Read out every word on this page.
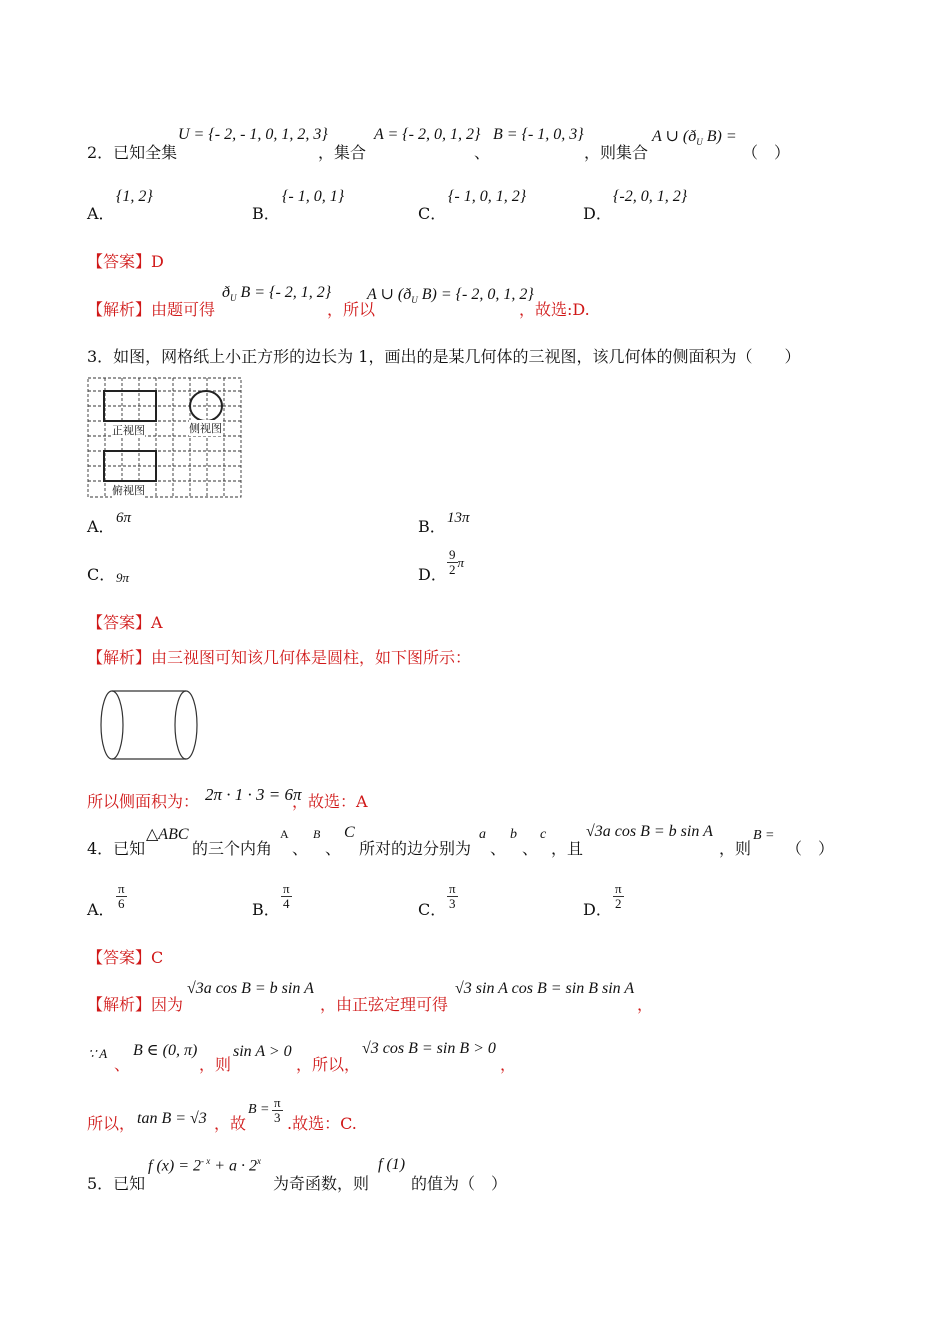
2．已知全集
U = {- 2, - 1, 0, 1, 2, 3}
，集合
A = {- 2, 0, 1, 2}
、
B = {- 1, 0, 3}
，则集合
A ∪ ($ð_U$ B) =
（　）
A．
{1, 2}
B．
{- 1, 0, 1}
C．
{- 1, 0, 1, 2}
D．
{-2, 0, 1, 2}
【答案】D
【解析】由题可得
$ð_U$ B = {- 2, 1, 2}
，所以
A ∪ ($ð_U$ B) = {- 2, 0, 1, 2}
，故选:D.
3．如图，网格纸上小正方形的边长为 1，画出的是某几何体的三视图，该几何体的侧面积为（　　）
正视图	侧视图
俯视图
A． 6π	B． 13π
C． 9π	D． $\frac{9}{2}$ π
【答案】A
【解析】由三视图可知该几何体是圆柱，如下图所示：
所以侧面积为： 2π · 1 · 3 = 6π
，故选：A
4．已知
△ABC
的三个内角
A
、
B
、
C
所对的边分别为
a
、
b
、
c
，且
√3a cos B = b sin A
，则
B =
（　）
A． $\frac{\pi}{6}$	B． $\frac{\pi}{4}$	C． $\frac{\pi}{3}$	D． $\frac{\pi}{2}$
【答案】C
【解析】因为
√3a cos B = b sin A
，由正弦定理可得
√3 sin A cos B = sin B sin A
，
∵ A
、
B ∈ (0, π)
，则
sin A > 0
，所以，
√3 cos B = sin B > 0
，
所以， tan B = √3 ，故
$B = \frac{\pi}{3}$ .故选：C.
5．已知
f $(x) = 2^{- x} + a \cdot 2^x$
为奇函数，则
f (1)
的值为（　）
